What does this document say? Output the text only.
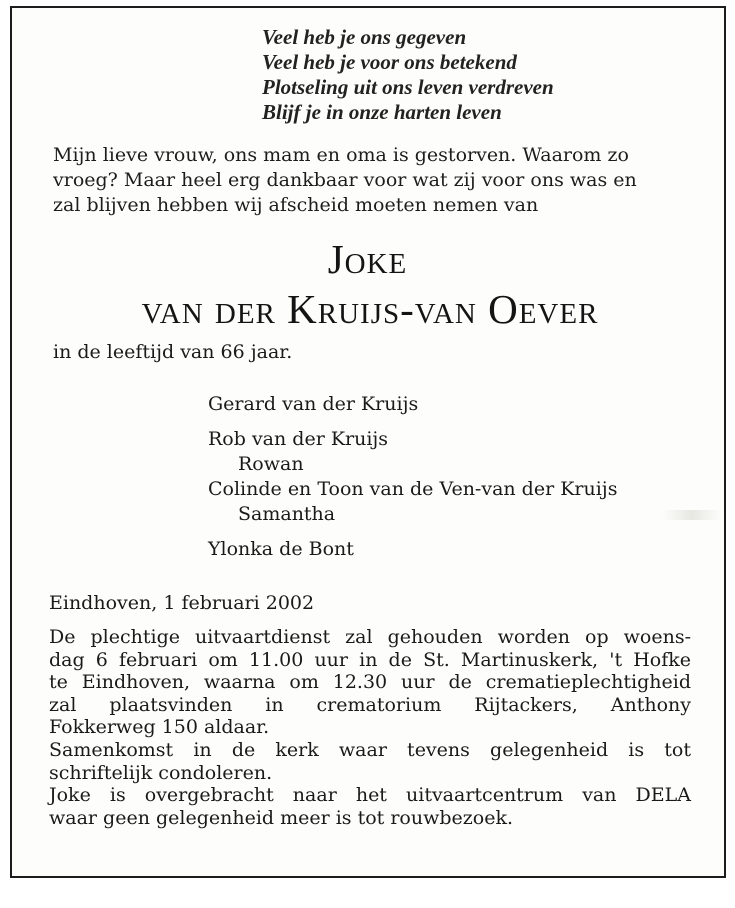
Veel heb je ons gegeven
Veel heb je voor ons betekend
Plotseling uit ons leven verdreven
Blijf je in onze harten leven
Mijn lieve vrouw, ons mam en oma is gestorven. Waarom zo
vroeg? Maar heel erg dankbaar voor wat zij voor ons was en
zal blijven hebben wij afscheid moeten nemen van
Joke
van der Kruijs-van Oever
in de leeftijd van 66 jaar.
Gerard van der Kruijs
Rob van der Kruijs
Rowan
Colinde en Toon van de Ven-van der Kruijs
Samantha
Ylonka de Bont
Eindhoven, 1 februari 2002
De plechtige uitvaartdienst zal gehouden worden op woens-
dag 6 februari om 11.00 uur in de St. Martinuskerk, 't Hofke
te Eindhoven, waarna om 12.30 uur de crematieplechtigheid
zal plaatsvinden in crematorium Rijtackers, Anthony
Fokkerweg 150 aldaar.
Samenkomst in de kerk waar tevens gelegenheid is tot
schriftelijk condoleren.
Joke is overgebracht naar het uitvaartcentrum van DELA
waar geen gelegenheid meer is tot rouwbezoek.
